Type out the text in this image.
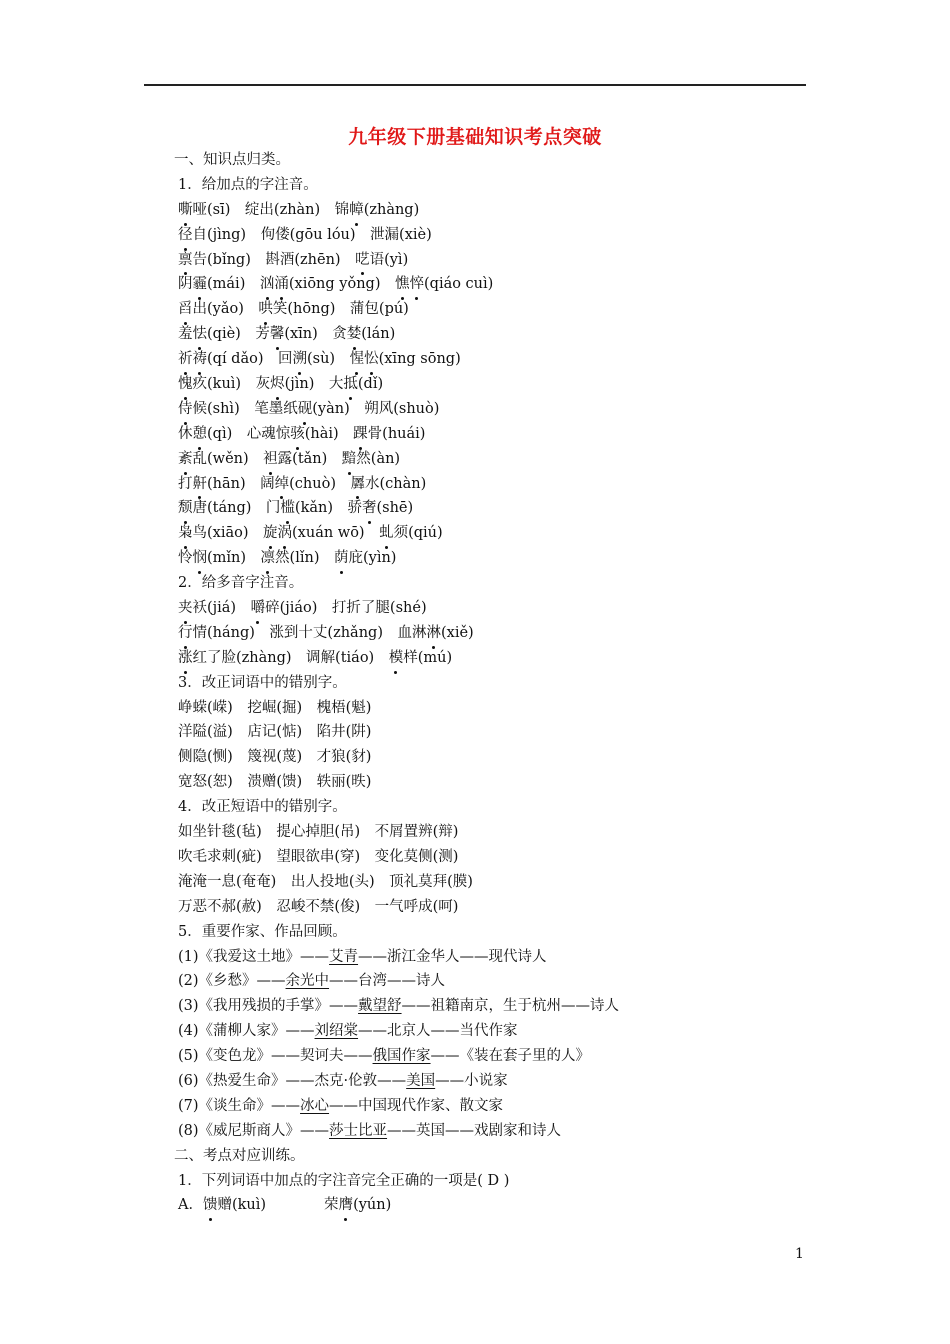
九年级下册基础知识考点突破
一、知识点归类。
1．给加点的字注音。
嘶哑(sī)　绽出(zhàn)　锦幛(zhàng)
径自(jìng)　佝偻(gōu lóu)　泄漏(xiè)
禀告(bǐng)　斟酒(zhēn)　呓语(yì)
阴霾(mái)　汹涌(xiōng yǒng)　憔悴(qiáo cuì)
舀出(yǎo)　哄笑(hōng)　蒲包(pú)
羞怯(qiè)　芳馨(xīn)　贪婪(lán)
祈祷(qí dǎo)　回溯(sù)　惺忪(xīng sōng)
愧疚(kuì)　灰烬(jìn)　大抵(dǐ)
侍候(shì)　笔墨纸砚(yàn)　朔风(shuò)
休憩(qì)　心魂惊骇(hài)　踝骨(huái)
紊乱(wěn)　袒露(tǎn)　黯然(àn)
打鼾(hān)　阔绰(chuò)　羼水(chàn)
颓唐(táng)　门槛(kǎn)　骄奢(shē)
枭鸟(xiāo)　旋涡(xuán wō)　虬须(qiú)
怜悯(mǐn)　凛然(lǐn)　荫庇(yìn)
2．给多音字注音。
夹袄(jiá)　嚼碎(jiáo)　打折了腿(shé)
行情(háng)　涨到十丈(zhǎng)　血淋淋(xiě)
涨红了脸(zhàng)　调解(tiáo)　模样(mú)
3．改正词语中的错别字。
峥蝾(嵘)　挖崛(掘)　槐梧(魁)
洋隘(溢)　店记(惦)　陷井(阱)
侧隐(恻)　篾视(蔑)　才狼(豺)
宽怒(恕)　溃赠(馈)　轶丽(昳)
4．改正短语中的错别字。
如坐针毯(毡)　提心掉胆(吊)　不屑置辨(辩)
吹毛求刺(疵)　望眼欲串(穿)　变化莫侧(测)
淹淹一息(奄奄)　出人投地(头)　顶礼莫拜(膜)
万恶不郝(赦)　忍峻不禁(俊)　一气呼成(呵)
5．重要作家、作品回顾。
(1)《我爱这土地》——艾青——浙江金华人——现代诗人
(2)《乡愁》——余光中——台湾——诗人
(3)《我用残损的手掌》——戴望舒——祖籍南京，生于杭州——诗人
(4)《蒲柳人家》——刘绍棠——北京人——当代作家
(5)《变色龙》——契诃夫——俄国作家——《装在套子里的人》
(6)《热爱生命》——杰克·伦敦——美国——小说家
(7)《谈生命》——冰心——中国现代作家、散文家
(8)《威尼斯商人》——莎士比亚——英国——戏剧家和诗人
二、考点对应训练。
1．下列词语中加点的字注音完全正确的一项是( D )
A．馈赠(kuì)　　　　荣膺(yún)
1
